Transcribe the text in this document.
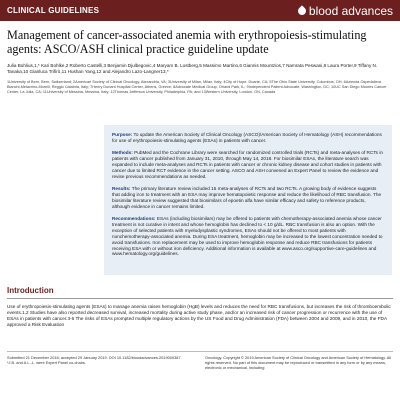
CLINICAL GUIDELINES	blood advances
Management of cancer-associated anemia with erythropoiesis-stimulating agents: ASCO/ASH clinical practice guideline update
Julia Bohlius,1,* Kari Bohlke,2 Roberto Castelli,3 Benjamin Djulbegovic,4 Maryam B. Lustberg,5 Massimo Martino,6 Giannis Mountzios,7 Namrata Peswani,8 Laura Porter,9 Tiffany N. Tanaka,10 Gianluca Trifirò,11 Hushan Yang,12 and Alejandro Lazo-Langner13,*
1University of Bern, Bern, Switzerland; 2American Society of Clinical Oncology, Alexandria, VA; 3University of Milan, Milan, Italy; 4City of Hope, Duarte, CA; 5The Ohio State University, Columbus, OH; 6Azienda Ospedaliera Bianchi-Melacrino-Morelli, Reggio Calabria, Italy; 7Henry Dunant Hospital Center, Athens, Greece; 8Advocate Medical Group, Orland Park, IL; 9Independent Patient Advocate, Washington, DC; 10UC San Diego Moores Cancer Center, La Jolla, CA; 11University of Messina, Messina, Italy; 12Thomas Jefferson University, Philadelphia, PA; and 13Western University, London, ON, Canada

Purpose: To update the American Society of Clinical Oncology (ASCO)/American Society of Hematology (ASH) recommendations for use of erythropoiesis-stimulating agents (ESAs) in patients with cancer.

Methods: PubMed and the Cochrane Library were searched for randomized controlled trials (RCTs) and meta-analyses of RCTs in patients with cancer published from January 31, 2010, through May 14, 2018. For biosimilar ESAs, the literature search was expanded to include meta-analyses and RCTs in patients with cancer or chronic kidney disease and cohort studies in patients with cancer due to limited RCT evidence in the cancer setting. ASCO and ASH convened an Expert Panel to review the evidence and revise previous recommendations as needed.

Results: The primary literature review included 15 meta-analyses of RCTs and two RCTs. A growing body of evidence suggests that adding iron to treatment with an ESA may improve hematopoietic response and reduce the likelihood of RBC transfusion. The biosimilar literature review suggested that biosimilars of epoetin alfa have similar efficacy and safety to reference products, although evidence in cancer remains limited.

Recommendations: ESAs (including biosimilars) may be offered to patients with chemotherapy-associated anemia whose cancer treatment is not curative in intent and whose hemoglobin has declined to < 10 g/dL. RBC transfusion is also an option. With the exception of selected patients with myelodysplastic syndromes, ESAs should not be offered to most patients with nonchemotherapy-associated anemia. During ESA treatment, hemoglobin may be increased to the lowest concentration needed to avoid transfusions. Iron replacement may be used to improve hemoglobin response and reduce RBC transfusions for patients receiving ESA with or without iron deficiency. Additional information is available at www.asco.org/supportive-care-guidelines and www.hematology.org/guidelines.

Introduction

Use of erythropoiesis-stimulating agents (ESAs) to manage anemia raises hemoglobin (HgB) levels and reduces the need for RBC transfusions, but increases the risk of thromboembolic events.1,2 Studies have also reported decreased survival, increased mortality during active study phase, and/or an increased risk of cancer progression or recurrence with the use of ESAs in patients with cancer.3-6 The risks of ESAs prompted multiple regulatory actions by the US Food and Drug Administration (FDA) between 2004 and 2009, and in 2010, the FDA approved a Risk Evaluation

Submitted 21 December 2018; accepted 29 January 2019. DOI 10.1182/bloodadvances.2019000387.
*J.B. and A.L.-L. were Expert Panel co-chairs.
Oncology. Copyright © 2019 American Society of Clinical Oncology and American Society of Hematology. All rights reserved. No part of this document may be reproduced or transmitted in any form or by any means, electronic or mechanical, including
